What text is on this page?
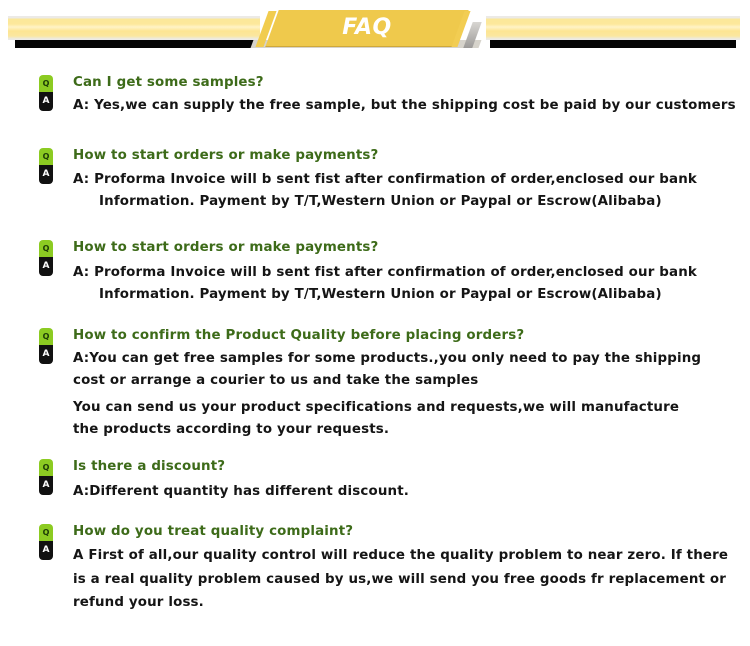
FAQ
Q
A
Can I get some samples?
A: Yes,we can supply the free sample, but the shipping cost be paid by our customers
Q
A
How to start orders or make payments?
A: Proforma Invoice will b sent fist after confirmation of order,enclosed our bank
Information. Payment by T/T,Western Union or Paypal or Escrow(Alibaba)
Q
A
How to start orders or make payments?
A: Proforma Invoice will b sent fist after confirmation of order,enclosed our bank
Information. Payment by T/T,Western Union or Paypal or Escrow(Alibaba)
Q
A
How to confirm the Product Quality before placing orders?
A:You can get free samples for some products.,you only need to pay the shipping
cost or arrange a courier to us and take the samples
You can send us your product specifications and requests,we will manufacture
the products according to your requests.
Q
A
Is there a discount?
A:Different quantity has different discount.
Q
A
How do you treat quality complaint?
A First of all,our quality control will reduce the quality problem to near zero. If there
is a real quality problem caused by us,we will send you free goods fr replacement or
refund your loss.
